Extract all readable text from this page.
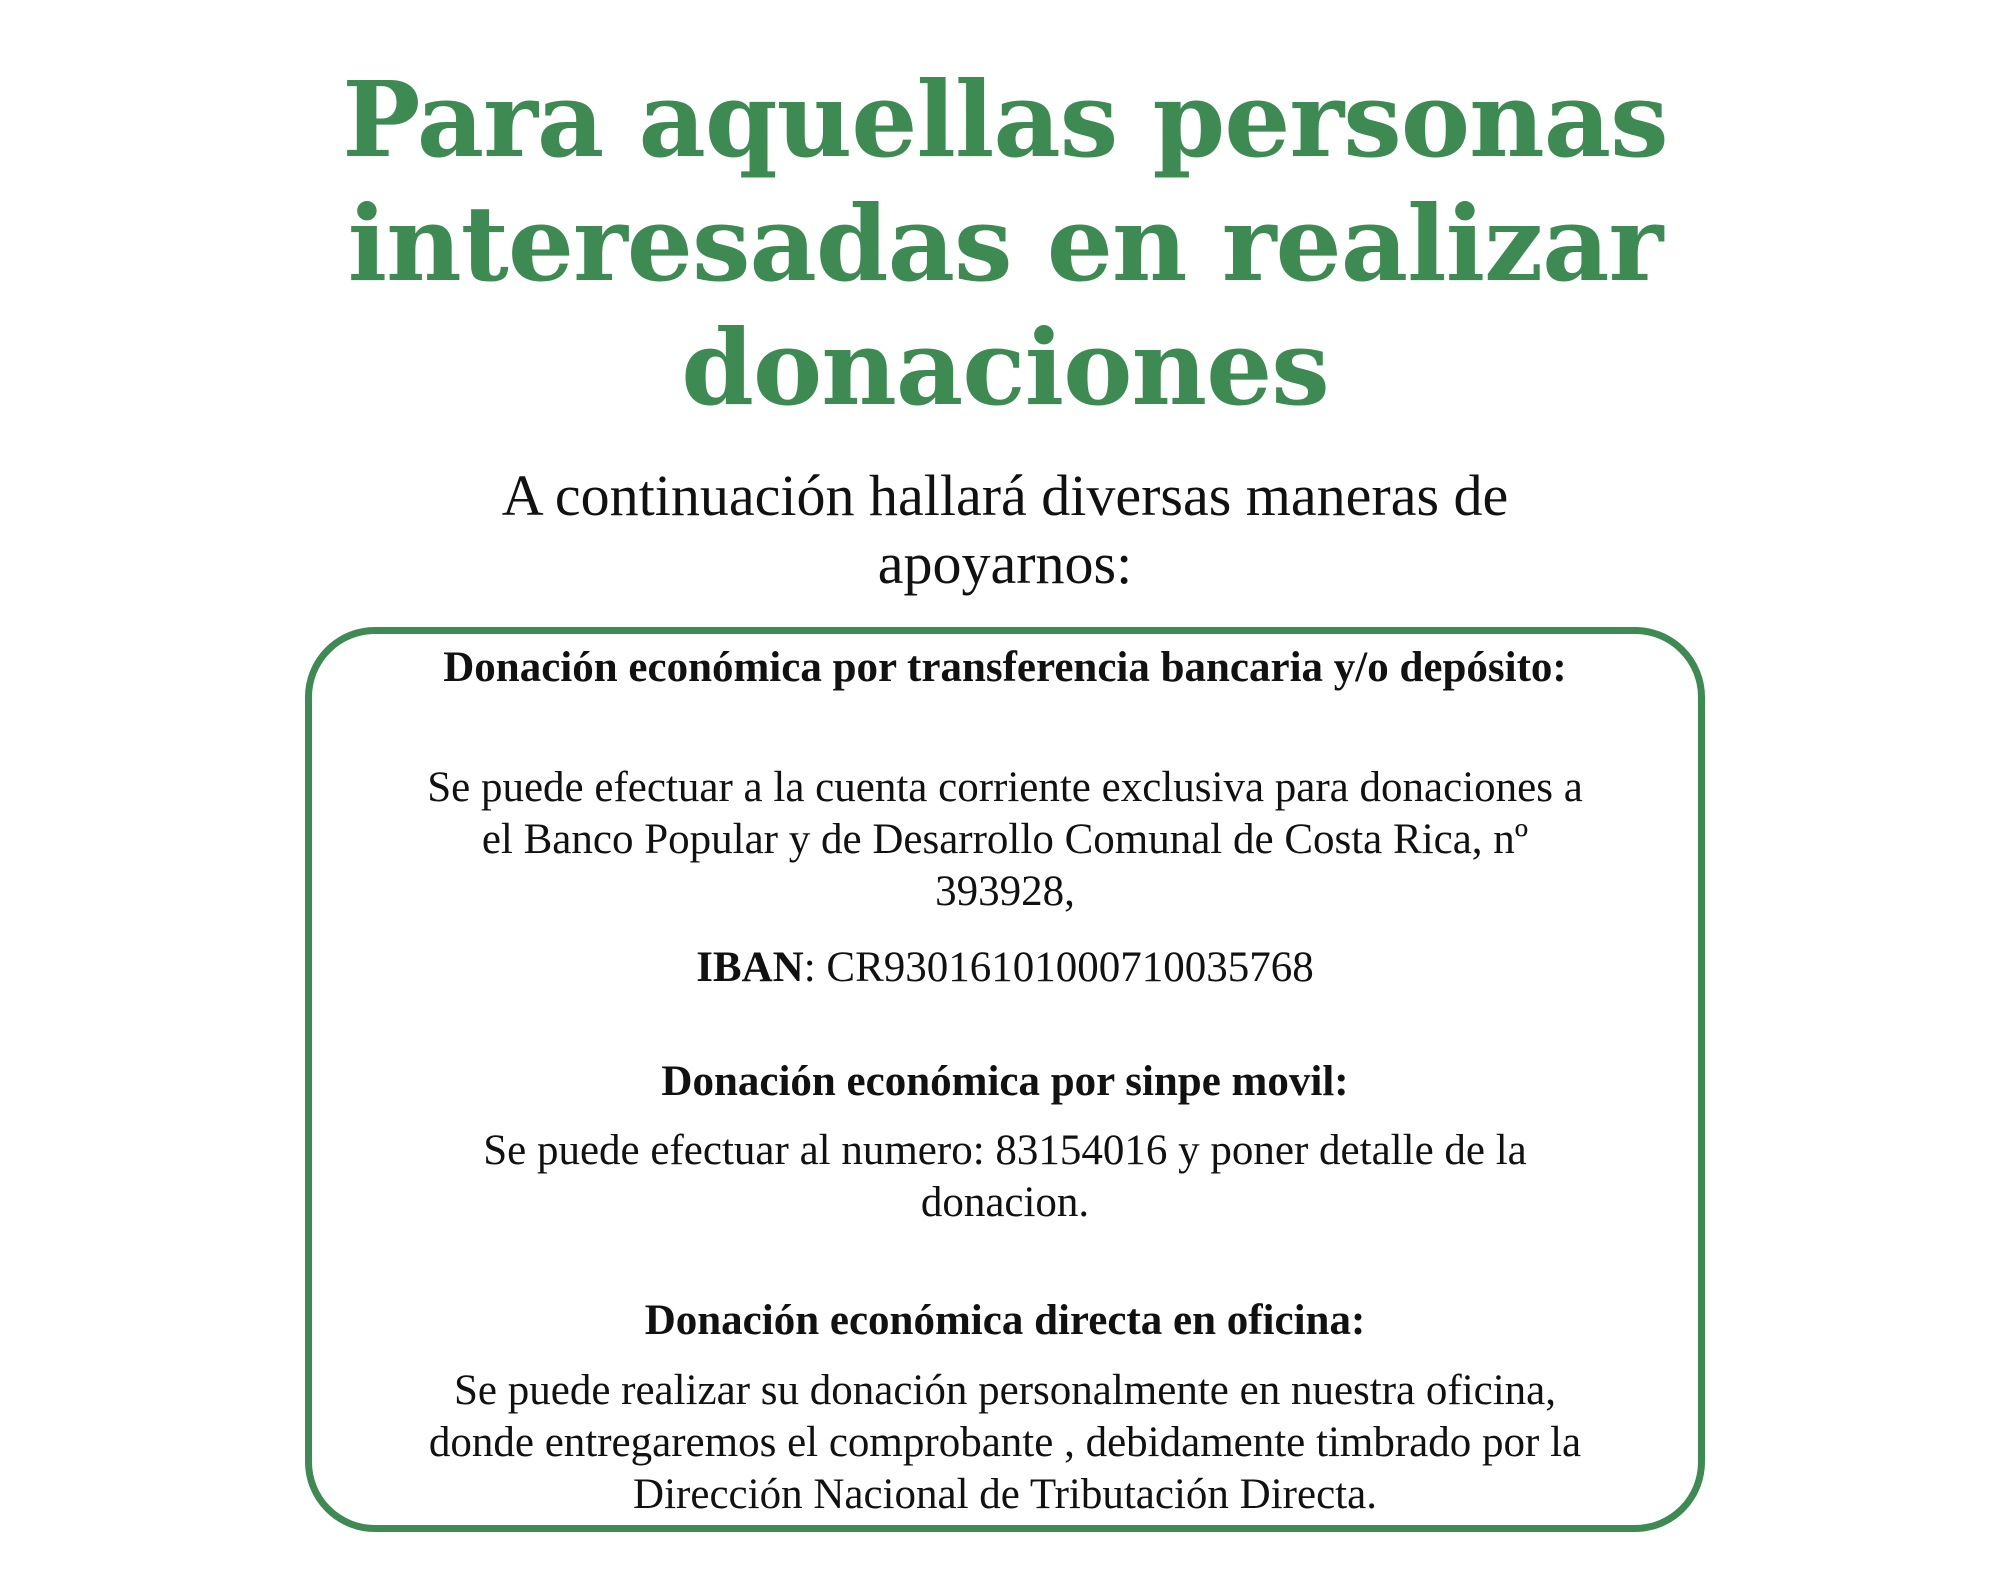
Para aquellas personas interesadas en realizar donaciones

A continuación hallará diversas maneras de apoyarnos:

Donación económica por transferencia bancaria y/o depósito:

Se puede efectuar a la cuenta corriente exclusiva para donaciones a el Banco Popular y de Desarrollo Comunal de Costa Rica, nº 393928,

IBAN: CR93016101000710035768

Donación económica por sinpe movil:

Se puede efectuar al numero: 83154016 y poner detalle de la donacion.

Donación económica directa en oficina:

Se puede realizar su donación personalmente en nuestra oficina, donde entregaremos el comprobante , debidamente timbrado por la Dirección Nacional de Tributación Directa.
